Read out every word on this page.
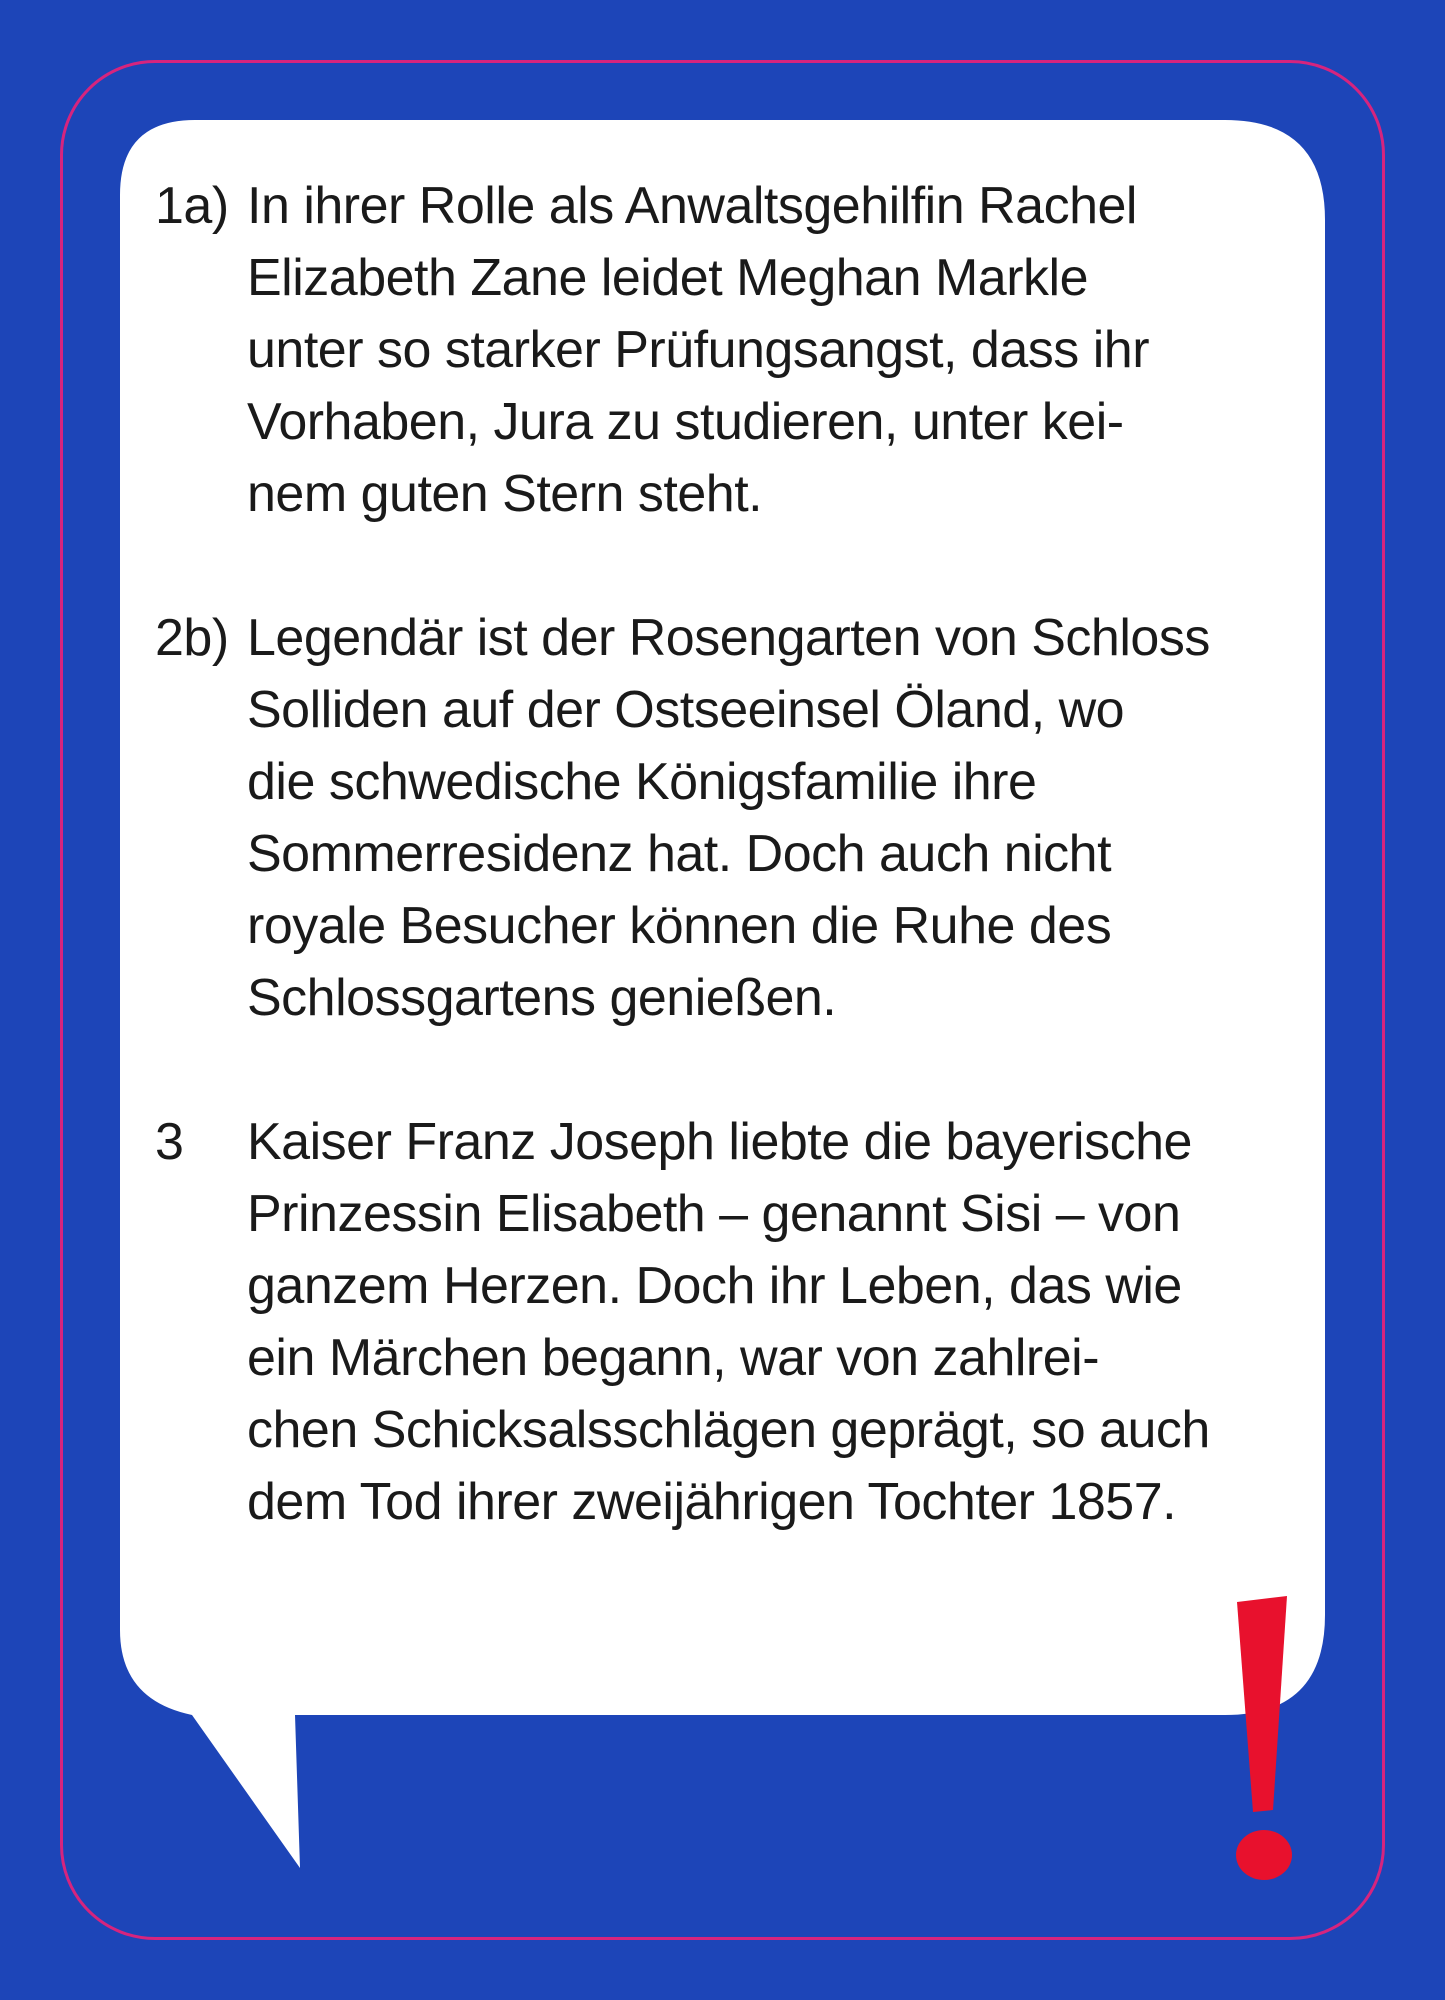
1a) In ihrer Rolle als Anwaltsgehilfin Rachel
Elizabeth Zane leidet Meghan Markle
unter so starker Prüfungsangst, dass ihr
Vorhaben, Jura zu studieren, unter kei-
nem guten Stern steht.
2b) Legendär ist der Rosengarten von Schloss
Solliden auf der Ostseeinsel Öland, wo
die schwedische Königsfamilie ihre
Sommerresidenz hat. Doch auch nicht
royale Besucher können die Ruhe des
Schlossgartens genießen.
3 Kaiser Franz Joseph liebte die bayerische
Prinzessin Elisabeth – genannt Sisi – von
ganzem Herzen. Doch ihr Leben, das wie
ein Märchen begann, war von zahlrei-
chen Schicksalsschlägen geprägt, so auch
dem Tod ihrer zweijährigen Tochter 1857.
